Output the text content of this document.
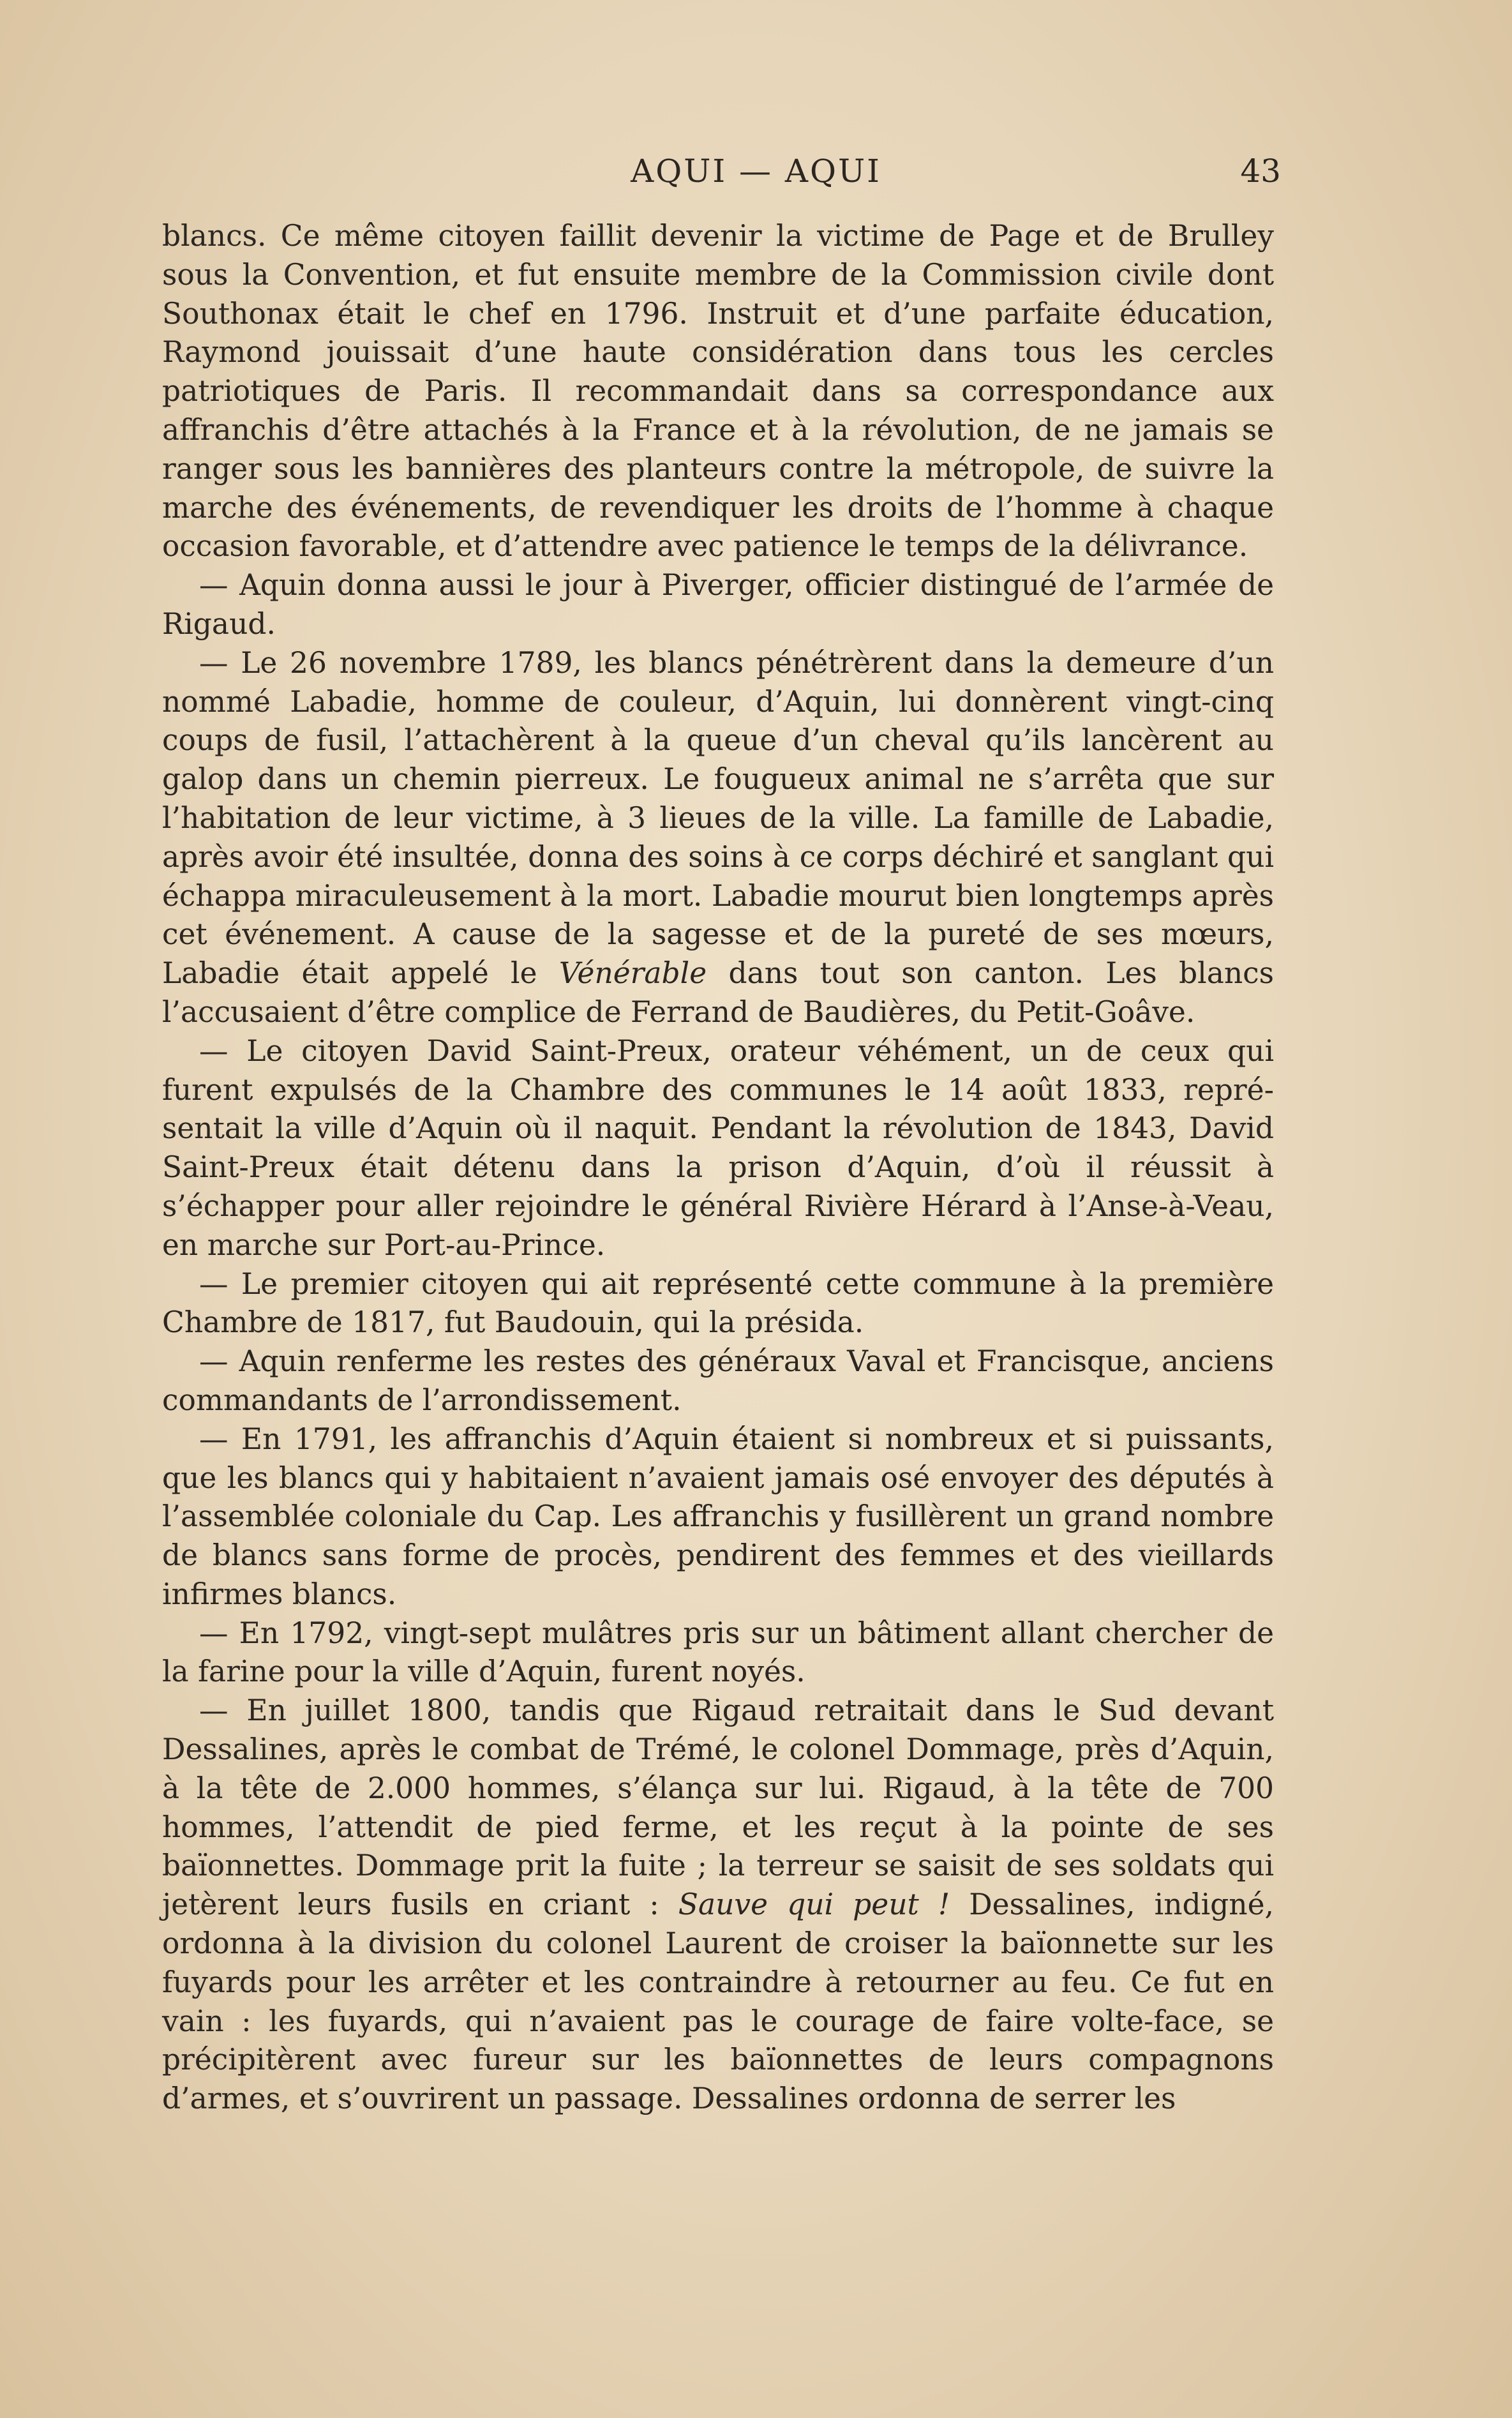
AQUI — AQUI	43

blancs. Ce même citoyen faillit devenir la victime de Page et de Brulley sous la Convention, et fut ensuite membre de la Commission civile dont Southonax était le chef en 1796. Instruit et d’une parfaite éducation, Raymond jouissait d’une haute considération dans tous les cercles patriotiques de Paris. Il recommandait dans sa correspondance aux affranchis d’être attachés à la France et à la révolution, de ne jamais se ranger sous les bannières des planteurs contre la métropole, de suivre la marche des événements, de revendiquer les droits de l’homme à chaque occasion favorable, et d’attendre avec patience le temps de la délivrance.

— Aquin donna aussi le jour à Piverger, officier distingué de l’armée de Rigaud.

— Le 26 novembre 1789, les blancs pénétrèrent dans la demeure d’un nommé Labadie, homme de couleur, d’Aquin, lui donnèrent vingt-cinq coups de fusil, l’attachèrent à la queue d’un cheval qu’ils lancèrent au galop dans un chemin pierreux. Le fougueux animal ne s’arrêta que sur l’habitation de leur victime, à 3 lieues de la ville. La famille de Labadie, après avoir été insultée, donna des soins à ce corps déchiré et sanglant qui échappa miraculeusement à la mort. Labadie mourut bien longtemps après cet événement. A cause de la sagesse et de la pureté de ses mœurs, Labadie était appelé le Vénérable dans tout son canton. Les blancs l’accusaient d’être complice de Ferrand de Baudières, du Petit-Goâve.

— Le citoyen David Saint-Preux, orateur véhément, un de ceux qui furent expulsés de la Chambre des communes le 14 août 1833, représentait la ville d’Aquin où il naquit. Pendant la révolution de 1843, David Saint-Preux était détenu dans la prison d’Aquin, d’où il réussit à s’échapper pour aller rejoindre le général Rivière Hérard à l’Anse-à-Veau, en marche sur Port-au-Prince.

— Le premier citoyen qui ait représenté cette commune à la première Chambre de 1817, fut Baudouin, qui la présida.

— Aquin renferme les restes des généraux Vaval et Francisque, anciens commandants de l’arrondissement.

— En 1791, les affranchis d’Aquin étaient si nombreux et si puissants, que les blancs qui y habitaient n’avaient jamais osé envoyer des députés à l’assemblée coloniale du Cap. Les affranchis y fusillèrent un grand nombre de blancs sans forme de procès, pendirent des femmes et des vieillards infirmes blancs.

— En 1792, vingt-sept mulâtres pris sur un bâtiment allant chercher de la farine pour la ville d’Aquin, furent noyés.

— En juillet 1800, tandis que Rigaud retraitait dans le Sud devant Dessalines, après le combat de Trémé, le colonel Dommage, près d’Aquin, à la tête de 2.000 hommes, s’élança sur lui. Rigaud, à la tête de 700 hommes, l’attendit de pied ferme, et les reçut à la pointe de ses baïonnettes. Dommage prit la fuite ; la terreur se saisit de ses soldats qui jetèrent leurs fusils en criant : Sauve qui peut ! Dessalines, indigné, ordonna à la division du colonel Laurent de croiser la baïonnette sur les fuyards pour les arrêter et les contraindre à retourner au feu. Ce fut en vain : les fuyards, qui n’avaient pas le courage de faire volte-face, se précipitèrent avec fureur sur les baïonnettes de leurs compagnons d’armes, et s’ouvrirent un passage. Dessalines ordonna de serrer les
